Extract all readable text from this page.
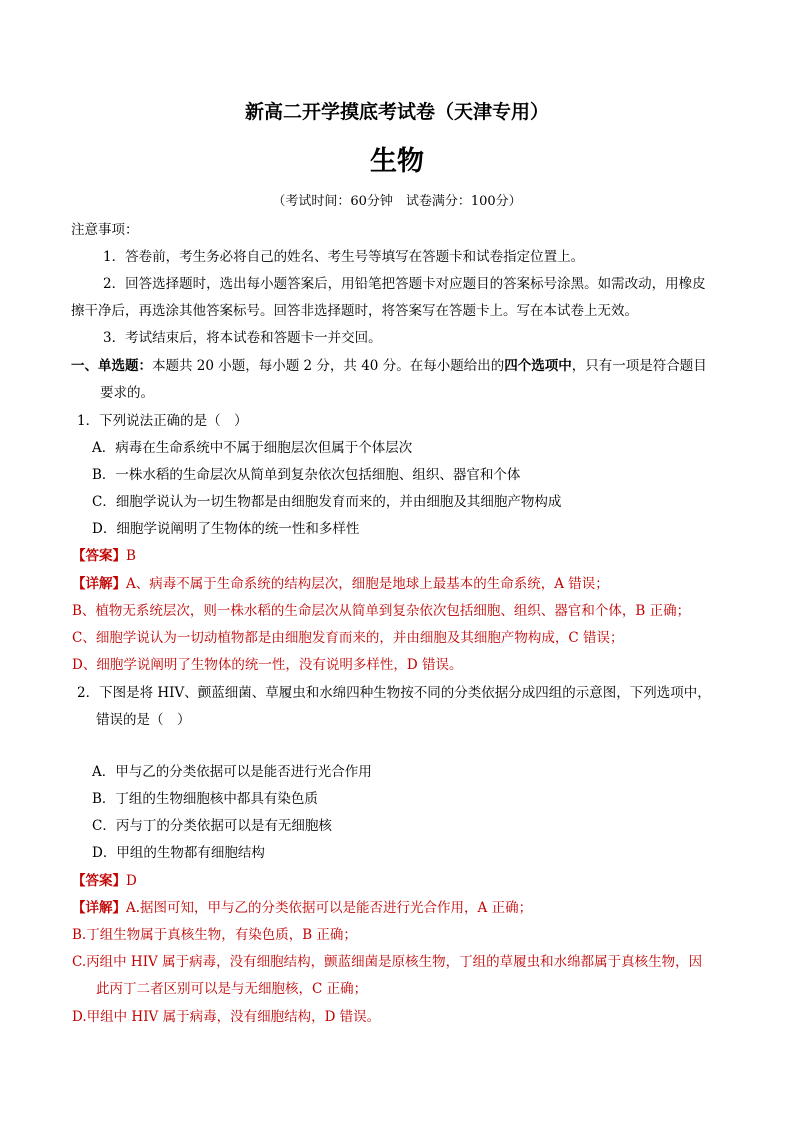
新高二开学摸底考试卷（天津专用）
生物
（考试时间：60分钟　试卷满分：100分）
注意事项：
1．答卷前，考生务必将自己的姓名、考生号等填写在答题卡和试卷指定位置上。
2．回答选择题时，选出每小题答案后，用铅笔把答题卡对应题目的答案标号涂黑。如需改动，用橡皮
擦干净后，再选涂其他答案标号。回答非选择题时，将答案写在答题卡上。写在本试卷上无效。
3．考试结束后，将本试卷和答题卡一并交回。
一、单选题：本题共 20 小题，每小题 2 分，共 40 分。在每小题给出的四个选项中，只有一项是符合题目
要求的。
1．下列说法正确的是（　）
A．病毒在生命系统中不属于细胞层次但属于个体层次
B．一株水稻的生命层次从简单到复杂依次包括细胞、组织、器官和个体
C．细胞学说认为一切生物都是由细胞发育而来的，并由细胞及其细胞产物构成
D．细胞学说阐明了生物体的统一性和多样性
【答案】B
【详解】A、病毒不属于生命系统的结构层次，细胞是地球上最基本的生命系统，A 错误；
B、植物无系统层次，则一株水稻的生命层次从简单到复杂依次包括细胞、组织、器官和个体，B 正确；
C、细胞学说认为一切动植物都是由细胞发育而来的，并由细胞及其细胞产物构成，C 错误；
D、细胞学说阐明了生物体的统一性，没有说明多样性，D 错误。
2．下图是将 HIV、颤蓝细菌、草履虫和水绵四种生物按不同的分类依据分成四组的示意图，下列选项中，
错误的是（　）
A．甲与乙的分类依据可以是能否进行光合作用
B．丁组的生物细胞核中都具有染色质
C．丙与丁的分类依据可以是有无细胞核
D．甲组的生物都有细胞结构
【答案】D
【详解】A.据图可知，甲与乙的分类依据可以是能否进行光合作用，A 正确；
B.丁组生物属于真核生物，有染色质，B 正确；
C.丙组中 HIV 属于病毒，没有细胞结构，颤蓝细菌是原核生物，丁组的草履虫和水绵都属于真核生物，因
此丙丁二者区别可以是与无细胞核，C 正确；
D.甲组中 HIV 属于病毒，没有细胞结构，D 错误。
